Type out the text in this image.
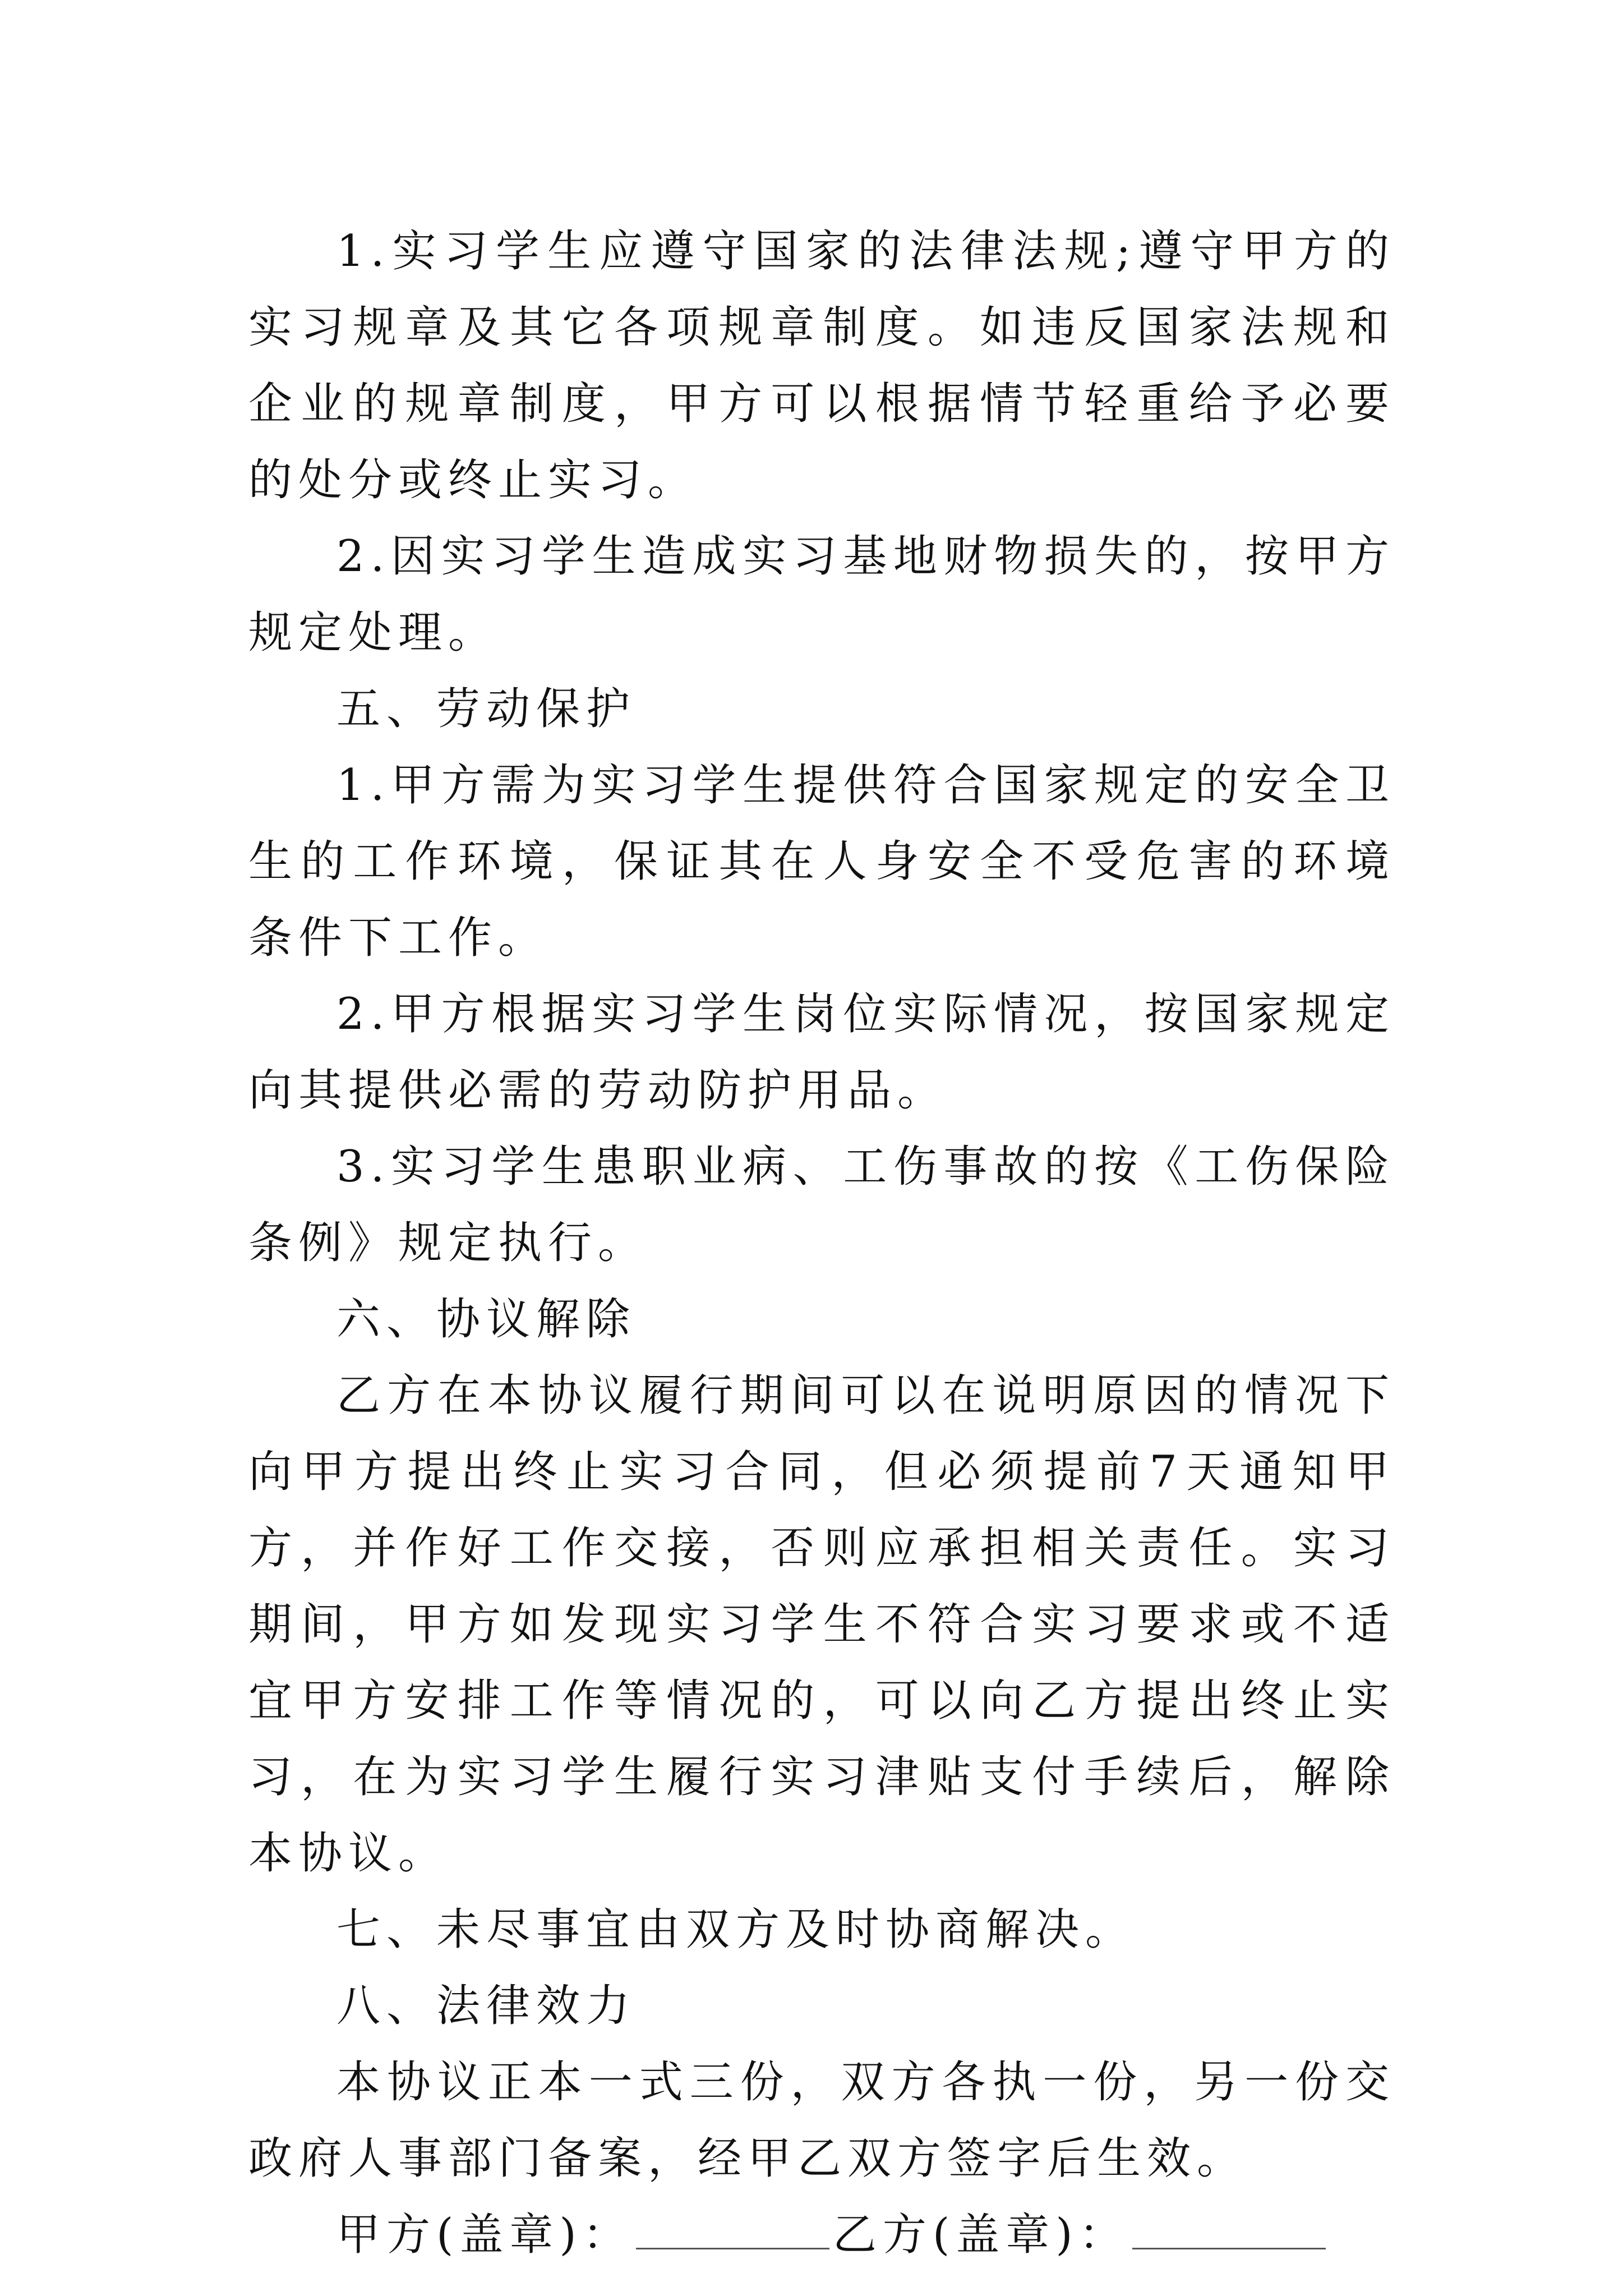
1.实习学生应遵守国家的法律法规;遵守甲方的实习规章及其它各项规章制度。如违反国家法规和企业的规章制度，甲方可以根据情节轻重给予必要的处分或终止实习。

2.因实习学生造成实习基地财物损失的，按甲方规定处理。

五、劳动保护

1.甲方需为实习学生提供符合国家规定的安全卫生的工作环境，保证其在人身安全不受危害的环境条件下工作。

2.甲方根据实习学生岗位实际情况，按国家规定向其提供必需的劳动防护用品。

3.实习学生患职业病、工伤事故的按《工伤保险条例》规定执行。

六、协议解除

乙方在本协议履行期间可以在说明原因的情况下向甲方提出终止实习合同，但必须提前7天通知甲方，并作好工作交接，否则应承担相关责任。实习期间，甲方如发现实习学生不符合实习要求或不适宜甲方安排工作等情况的，可以向乙方提出终止实习，在为实习学生履行实习津贴支付手续后，解除本协议。

七、未尽事宜由双方及时协商解决。

八、法律效力

本协议正本一式三份，双方各执一份，另一份交政府人事部门备案，经甲乙双方签字后生效。

甲方(盖章)：	乙方(盖章)：
